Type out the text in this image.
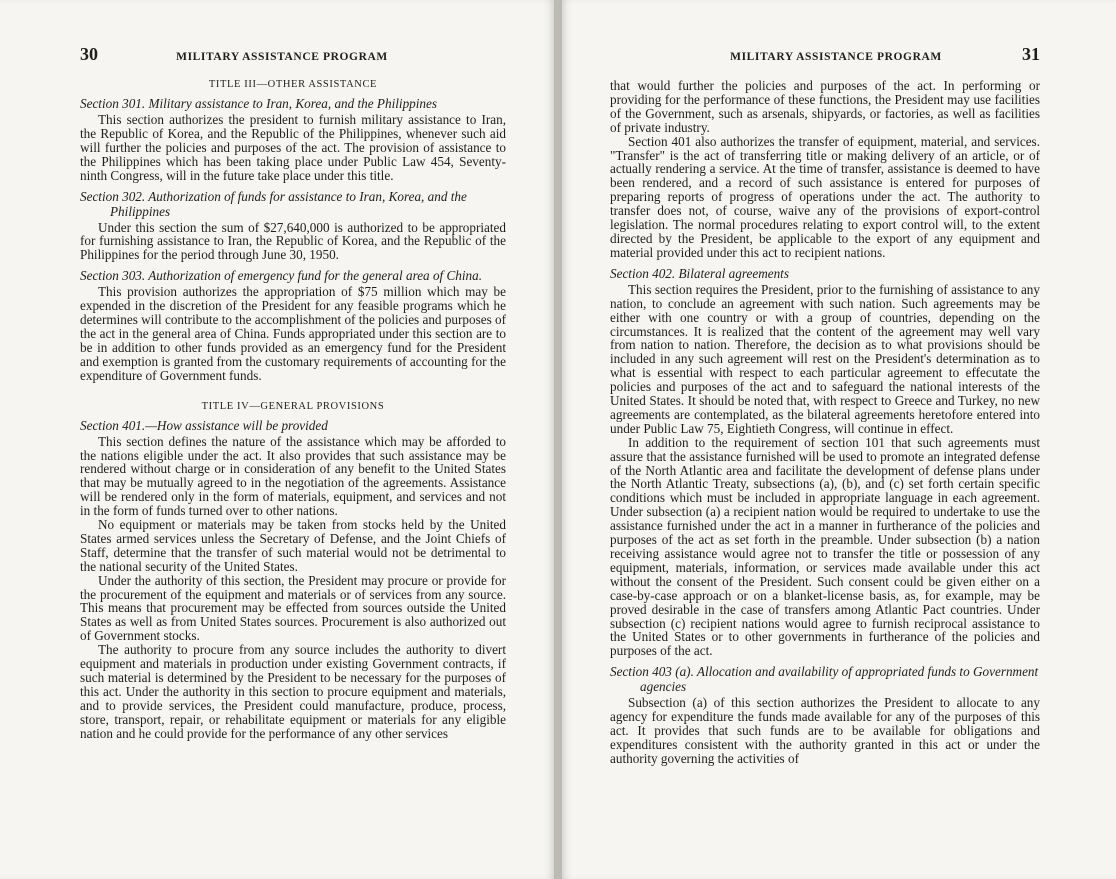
30	MILITARY ASSISTANCE PROGRAM
TITLE III—OTHER ASSISTANCE
Section 301. Military assistance to Iran, Korea, and the Philippines

This section authorizes the president to furnish military assistance to Iran, the Republic of Korea, and the Republic of the Philippines, whenever such aid will further the policies and purposes of the act. The provision of assistance to the Philippines which has been taking place under Public Law 454, Seventy-ninth Congress, will in the future take place under this title.

Section 302. Authorization of funds for assistance to Iran, Korea, and the Philippines

Under this section the sum of $27,640,000 is authorized to be appropriated for furnishing assistance to Iran, the Republic of Korea, and the Republic of the Philippines for the period through June 30, 1950.

Section 303. Authorization of emergency fund for the general area of China.

This provision authorizes the appropriation of $75 million which may be expended in the discretion of the President for any feasible programs which he determines will contribute to the accomplishment of the policies and purposes of the act in the general area of China. Funds appropriated under this section are to be in addition to other funds provided as an emergency fund for the President and exemption is granted from the customary requirements of accounting for the expenditure of Government funds.

TITLE IV—GENERAL PROVISIONS
Section 401.—How assistance will be provided

This section defines the nature of the assistance which may be afforded to the nations eligible under the act. It also provides that such assistance may be rendered without charge or in consideration of any benefit to the United States that may be mutually agreed to in the negotiation of the agreements. Assistance will be rendered only in the form of materials, equipment, and services and not in the form of funds turned over to other nations.

No equipment or materials may be taken from stocks held by the United States armed services unless the Secretary of Defense, and the Joint Chiefs of Staff, determine that the transfer of such material would not be detrimental to the national security of the United States.

Under the authority of this section, the President may procure or provide for the procurement of the equipment and materials or of services from any source. This means that procurement may be effected from sources outside the United States as well as from United States sources. Procurement is also authorized out of Government stocks.

The authority to procure from any source includes the authority to divert equipment and materials in production under existing Government contracts, if such material is determined by the President to be necessary for the purposes of this act. Under the authority in this section to procure equipment and materials, and to provide services, the President could manufacture, produce, process, store, transport, repair, or rehabilitate equipment or materials for any eligible nation and he could provide for the performance of any other services

MILITARY ASSISTANCE PROGRAM	31

that would further the policies and purposes of the act. In performing or providing for the performance of these functions, the President may use facilities of the Government, such as arsenals, shipyards, or factories, as well as facilities of private industry.

Section 401 also authorizes the transfer of equipment, material, and services. "Transfer" is the act of transferring title or making delivery of an article, or of actually rendering a service. At the time of transfer, assistance is deemed to have been rendered, and a record of such assistance is entered for purposes of preparing reports of progress of operations under the act. The authority to transfer does not, of course, waive any of the provisions of export-control legislation. The normal procedures relating to export control will, to the extent directed by the President, be applicable to the export of any equipment and material provided under this act to recipient nations.

Section 402. Bilateral agreements

This section requires the President, prior to the furnishing of assistance to any nation, to conclude an agreement with such nation. Such agreements may be either with one country or with a group of countries, depending on the circumstances. It is realized that the content of the agreement may well vary from nation to nation. Therefore, the decision as to what provisions should be included in any such agreement will rest on the President's determination as to what is essential with respect to each particular agreement to effecutate the policies and purposes of the act and to safeguard the national interests of the United States. It should be noted that, with respect to Greece and Turkey, no new agreements are contemplated, as the bilateral agreements heretofore entered into under Public Law 75, Eightieth Congress, will continue in effect.

In addition to the requirement of section 101 that such agreements must assure that the assistance furnished will be used to promote an integrated defense of the North Atlantic area and facilitate the development of defense plans under the North Atlantic Treaty, subsections (a), (b), and (c) set forth certain specific conditions which must be included in appropriate language in each agreement. Under subsection (a) a recipient nation would be required to undertake to use the assistance furnished under the act in a manner in furtherance of the policies and purposes of the act as set forth in the preamble. Under subsection (b) a nation receiving assistance would agree not to transfer the title or possession of any equipment, materials, information, or services made available under this act without the consent of the President. Such consent could be given either on a case-by-case approach or on a blanket-license basis, as, for example, may be proved desirable in the case of transfers among Atlantic Pact countries. Under subsection (c) recipient nations would agree to furnish reciprocal assistance to the United States or to other governments in furtherance of the policies and purposes of the act.

Section 403 (a). Allocation and availability of appropriated funds to Government agencies

Subsection (a) of this section authorizes the President to allocate to any agency for expenditure the funds made available for any of the purposes of this act. It provides that such funds are to be available for obligations and expenditures consistent with the authority granted in this act or under the authority governing the activities of
